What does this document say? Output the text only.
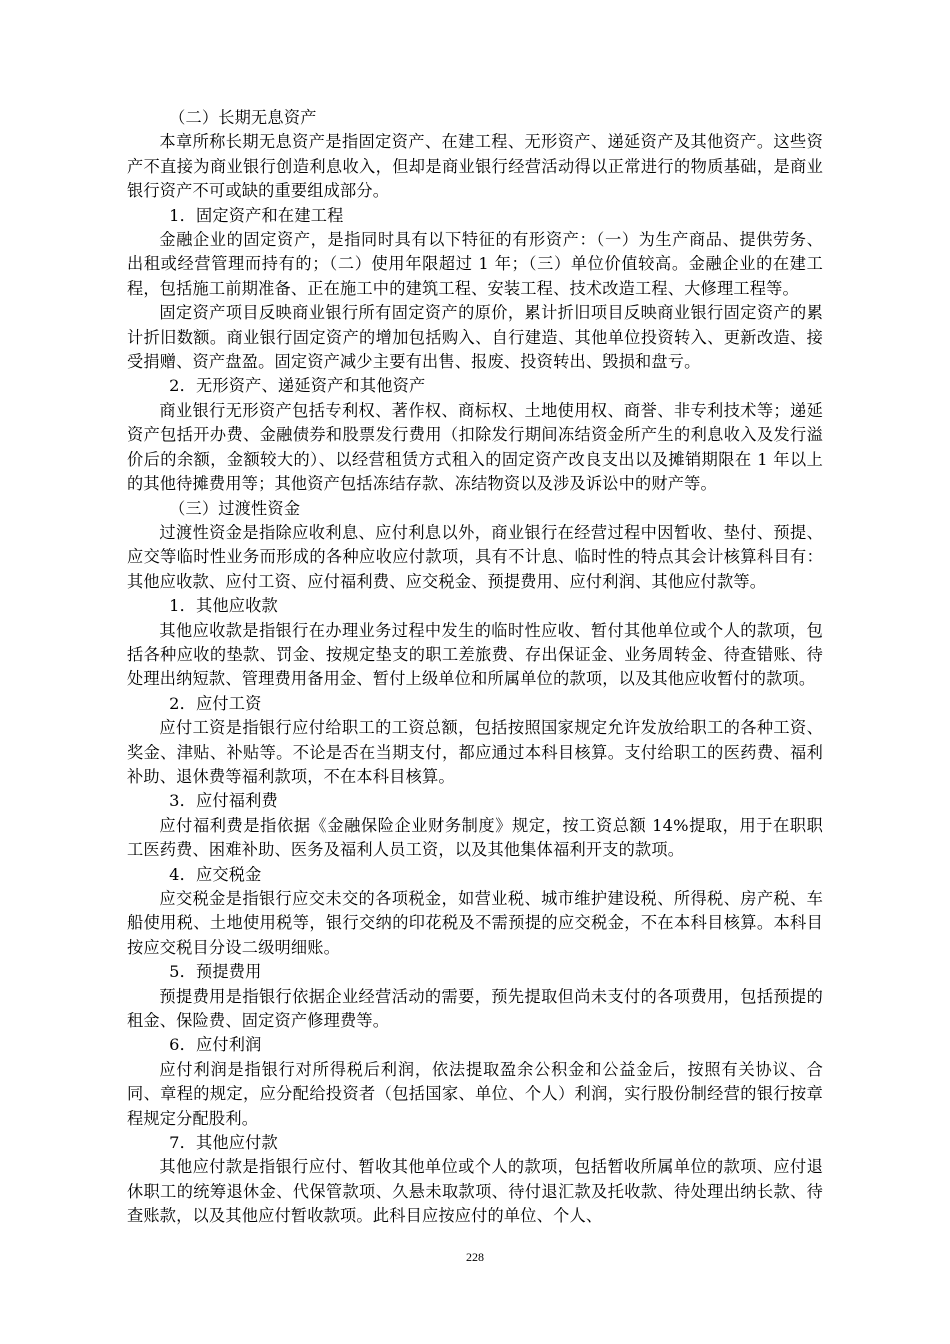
（二）长期无息资产

本章所称长期无息资产是指固定资产、在建工程、无形资产、递延资产及其他资产。这些资产不直接为商业银行创造利息收入，但却是商业银行经营活动得以正常进行的物质基础，是商业银行资产不可或缺的重要组成部分。

1．固定资产和在建工程

金融企业的固定资产，是指同时具有以下特征的有形资产：（一）为生产商品、提供劳务、出租或经营管理而持有的；（二）使用年限超过 1 年；（三）单位价值较高。金融企业的在建工程，包括施工前期准备、正在施工中的建筑工程、安装工程、技术改造工程、大修理工程等。

固定资产项目反映商业银行所有固定资产的原价，累计折旧项目反映商业银行固定资产的累计折旧数额。商业银行固定资产的增加包括购入、自行建造、其他单位投资转入、更新改造、接受捐赠、资产盘盈。固定资产减少主要有出售、报废、投资转出、毁损和盘亏。

2．无形资产、递延资产和其他资产

商业银行无形资产包括专利权、著作权、商标权、土地使用权、商誉、非专利技术等；递延资产包括开办费、金融债券和股票发行费用（扣除发行期间冻结资金所产生的利息收入及发行溢价后的余额，金额较大的）、以经营租赁方式租入的固定资产改良支出以及摊销期限在 1 年以上的其他待摊费用等；其他资产包括冻结存款、冻结物资以及涉及诉讼中的财产等。

（三）过渡性资金

过渡性资金是指除应收利息、应付利息以外，商业银行在经营过程中因暂收、垫付、预提、应交等临时性业务而形成的各种应收应付款项，具有不计息、临时性的特点其会计核算科目有：其他应收款、应付工资、应付福利费、应交税金、预提费用、应付利润、其他应付款等。

1．其他应收款

其他应收款是指银行在办理业务过程中发生的临时性应收、暂付其他单位或个人的款项，包括各种应收的垫款、罚金、按规定垫支的职工差旅费、存出保证金、业务周转金、待查错账、待处理出纳短款、管理费用备用金、暂付上级单位和所属单位的款项，以及其他应收暂付的款项。

2．应付工资

应付工资是指银行应付给职工的工资总额，包括按照国家规定允许发放给职工的各种工资、奖金、津贴、补贴等。不论是否在当期支付，都应通过本科目核算。支付给职工的医药费、福利补助、退休费等福利款项，不在本科目核算。

3．应付福利费

应付福利费是指依据《金融保险企业财务制度》规定，按工资总额 14%提取，用于在职职工医药费、困难补助、医务及福利人员工资，以及其他集体福利开支的款项。

4．应交税金

应交税金是指银行应交未交的各项税金，如营业税、城市维护建设税、所得税、房产税、车船使用税、土地使用税等，银行交纳的印花税及不需预提的应交税金，不在本科目核算。本科目按应交税目分设二级明细账。

5．预提费用

预提费用是指银行依据企业经营活动的需要，预先提取但尚未支付的各项费用，包括预提的租金、保险费、固定资产修理费等。

6．应付利润

应付利润是指银行对所得税后利润，依法提取盈余公积金和公益金后，按照有关协议、合同、章程的规定，应分配给投资者（包括国家、单位、个人）利润，实行股份制经营的银行按章程规定分配股利。

7．其他应付款

其他应付款是指银行应付、暂收其他单位或个人的款项，包括暂收所属单位的款项、应付退休职工的统筹退休金、代保管款项、久悬未取款项、待付退汇款及托收款、待处理出纳长款、待查账款，以及其他应付暂收款项。此科目应按应付的单位、个人、

228
